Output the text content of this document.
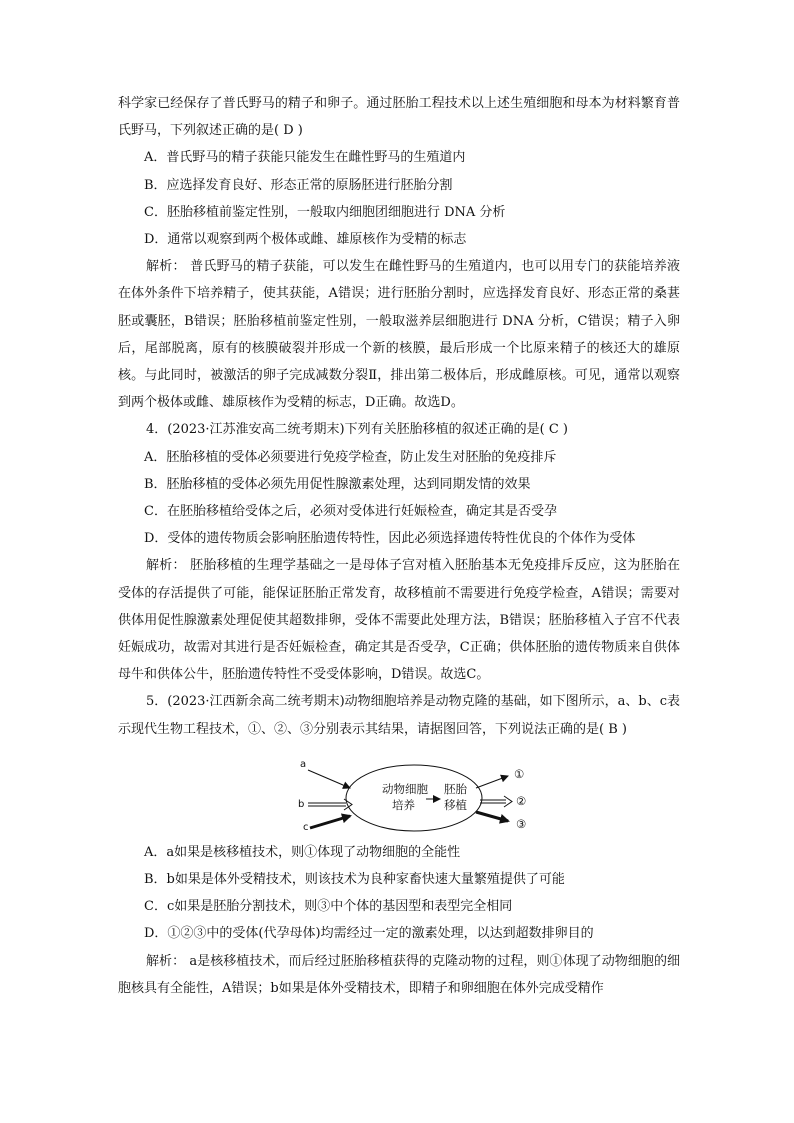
科学家已经保存了普氏野马的精子和卵子。通过胚胎工程技术以上述生殖细胞和母本为材料繁育普氏野马，下列叙述正确的是( D )

A．普氏野马的精子获能只能发生在雌性野马的生殖道内

B．应选择发育良好、形态正常的原肠胚进行胚胎分割

C．胚胎移植前鉴定性别，一般取内细胞团细胞进行 DNA 分析

D．通常以观察到两个极体或雌、雄原核作为受精的标志

解析： 普氏野马的精子获能，可以发生在雌性野马的生殖道内，也可以用专门的获能培养液在体外条件下培养精子，使其获能，A错误；进行胚胎分割时，应选择发育良好、形态正常的桑葚胚或囊胚，B错误；胚胎移植前鉴定性别，一般取滋养层细胞进行 DNA 分析，C错误；精子入卵后，尾部脱离，原有的核膜破裂并形成一个新的核膜，最后形成一个比原来精子的核还大的雄原核。与此同时，被激活的卵子完成减数分裂Ⅱ，排出第二极体后，形成雌原核。可见，通常以观察到两个极体或雌、雄原核作为受精的标志，D正确。故选D。

4．(2023·江苏淮安高二统考期末)下列有关胚胎移植的叙述正确的是( C )

A．胚胎移植的受体必须要进行免疫学检查，防止发生对胚胎的免疫排斥

B．胚胎移植的受体必须先用促性腺激素处理，达到同期发情的效果

C．在胚胎移植给受体之后，必须对受体进行妊娠检查，确定其是否受孕

D．受体的遗传物质会影响胚胎遗传特性，因此必须选择遗传特性优良的个体作为受体

解析： 胚胎移植的生理学基础之一是母体子宫对植入胚胎基本无免疫排斥反应，这为胚胎在受体的存活提供了可能，能保证胚胎正常发育，故移植前不需要进行免疫学检查，A错误；需要对供体用促性腺激素处理促使其超数排卵，受体不需要此处理方法，B错误；胚胎移植入子宫不代表妊娠成功，故需对其进行是否妊娠检查，确定其是否受孕，C正确；供体胚胎的遗传物质来自供体母牛和供体公牛，胚胎遗传特性不受受体影响，D错误。故选C。

5．(2023·江西新余高二统考期末)动物细胞培养是动物克隆的基础，如下图所示，a、b、c表示现代生物工程技术，①、②、③分别表示其结果，请据图回答，下列说法正确的是( B )

a
b
c
动物细胞
培养
胚胎
移植
①
②
③

A．a如果是核移植技术，则①体现了动物细胞的全能性

B．b如果是体外受精技术，则该技术为良种家畜快速大量繁殖提供了可能

C．c如果是胚胎分割技术，则③中个体的基因型和表型完全相同

D．①②③中的受体(代孕母体)均需经过一定的激素处理，以达到超数排卵目的

解析： a是核移植技术，而后经过胚胎移植获得的克隆动物的过程，则①体现了动物细胞的细胞核具有全能性，A错误；b如果是体外受精技术，即精子和卵细胞在体外完成受精作
